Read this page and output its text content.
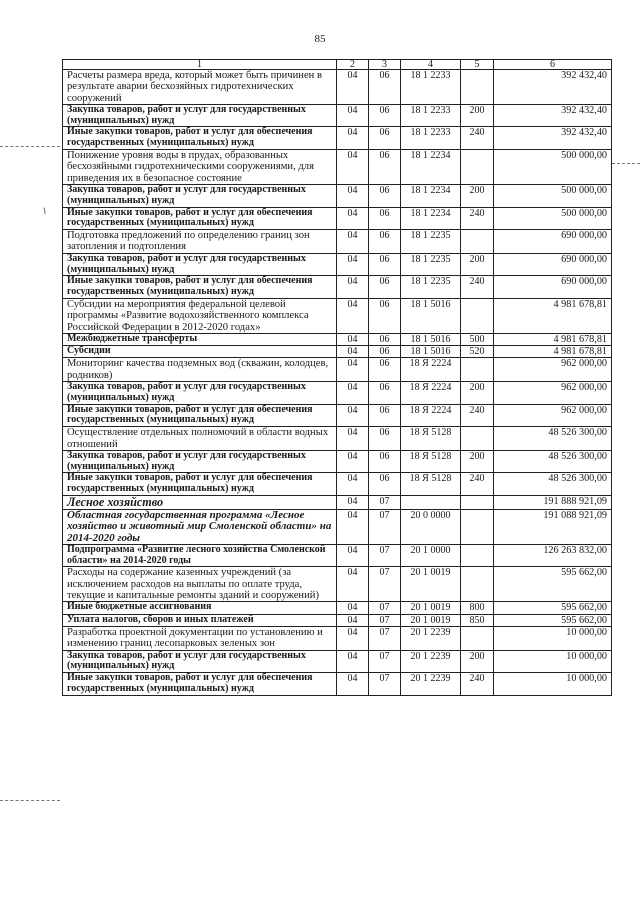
85
١
1	2	3	4	5	6
Расчеты размера вреда, который может быть причинен в результате аварии бесхозяйных гидротехнических сооружений	04	06	18 1 2233		392 432,40
Закупка товаров, работ и услуг для государственных (муниципальных) нужд	04	06	18 1 2233	200	392 432,40
Иные закупки товаров, работ и услуг для обеспечения государственных (муниципальных) нужд	04	06	18 1 2233	240	392 432,40
Понижение уровня воды в прудах, образованных бесхозяйными гидротехническими сооружениями, для приведения их в безопасное состояние	04	06	18 1 2234		500 000,00
Закупка товаров, работ и услуг для государственных (муниципальных) нужд	04	06	18 1 2234	200	500 000,00
Иные закупки товаров, работ и услуг для обеспечения государственных (муниципальных) нужд	04	06	18 1 2234	240	500 000,00
Подготовка предложений по определению границ зон затопления и подтопления	04	06	18 1 2235		690 000,00
Закупка товаров, работ и услуг для государственных (муниципальных) нужд	04	06	18 1 2235	200	690 000,00
Иные закупки товаров, работ и услуг для обеспечения государственных (муниципальных) нужд	04	06	18 1 2235	240	690 000,00
Субсидии на мероприятия федеральной целевой программы «Развитие водохозяйственного комплекса Российской Федерации в 2012-2020 годах»	04	06	18 1 5016		4 981 678,81
Межбюджетные трансферты	04	06	18 1 5016	500	4 981 678,81
Субсидии	04	06	18 1 5016	520	4 981 678,81
Мониторинг качества подземных вод (скважин, колодцев, родников)	04	06	18 Я 2224		962 000,00
Закупка товаров, работ и услуг для государственных (муниципальных) нужд	04	06	18 Я 2224	200	962 000,00
Иные закупки товаров, работ и услуг для обеспечения государственных (муниципальных) нужд	04	06	18 Я 2224	240	962 000,00
Осуществление отдельных полномочий в области водных отношений	04	06	18 Я 5128		48 526 300,00
Закупка товаров, работ и услуг для государственных (муниципальных) нужд	04	06	18 Я 5128	200	48 526 300,00
Иные закупки товаров, работ и услуг для обеспечения государственных (муниципальных) нужд	04	06	18 Я 5128	240	48 526 300,00
Лесное хозяйство	04	07			191 888 921,09
Областная государственная программа «Лесное хозяйство и животный мир Смоленской области» на 2014-2020 годы	04	07	20 0 0000		191 088 921,09
Подпрограмма «Развитие лесного хозяйства Смоленской области» на 2014-2020 годы	04	07	20 1 0000		126 263 832,00
Расходы на содержание казенных учреждений (за исключением расходов на выплаты по оплате труда, текущие и капитальные ремонты зданий и сооружений)	04	07	20 1 0019		595 662,00
Иные бюджетные ассигнования	04	07	20 1 0019	800	595 662,00
Уплата налогов, сборов и иных платежей	04	07	20 1 0019	850	595 662,00
Разработка проектной документации по установлению и изменению границ лесопарковых зеленых зон	04	07	20 1 2239		10 000,00
Закупка товаров, работ и услуг для государственных (муниципальных) нужд	04	07	20 1 2239	200	10 000,00
Иные закупки товаров, работ и услуг для обеспечения государственных (муниципальных) нужд	04	07	20 1 2239	240	10 000,00
